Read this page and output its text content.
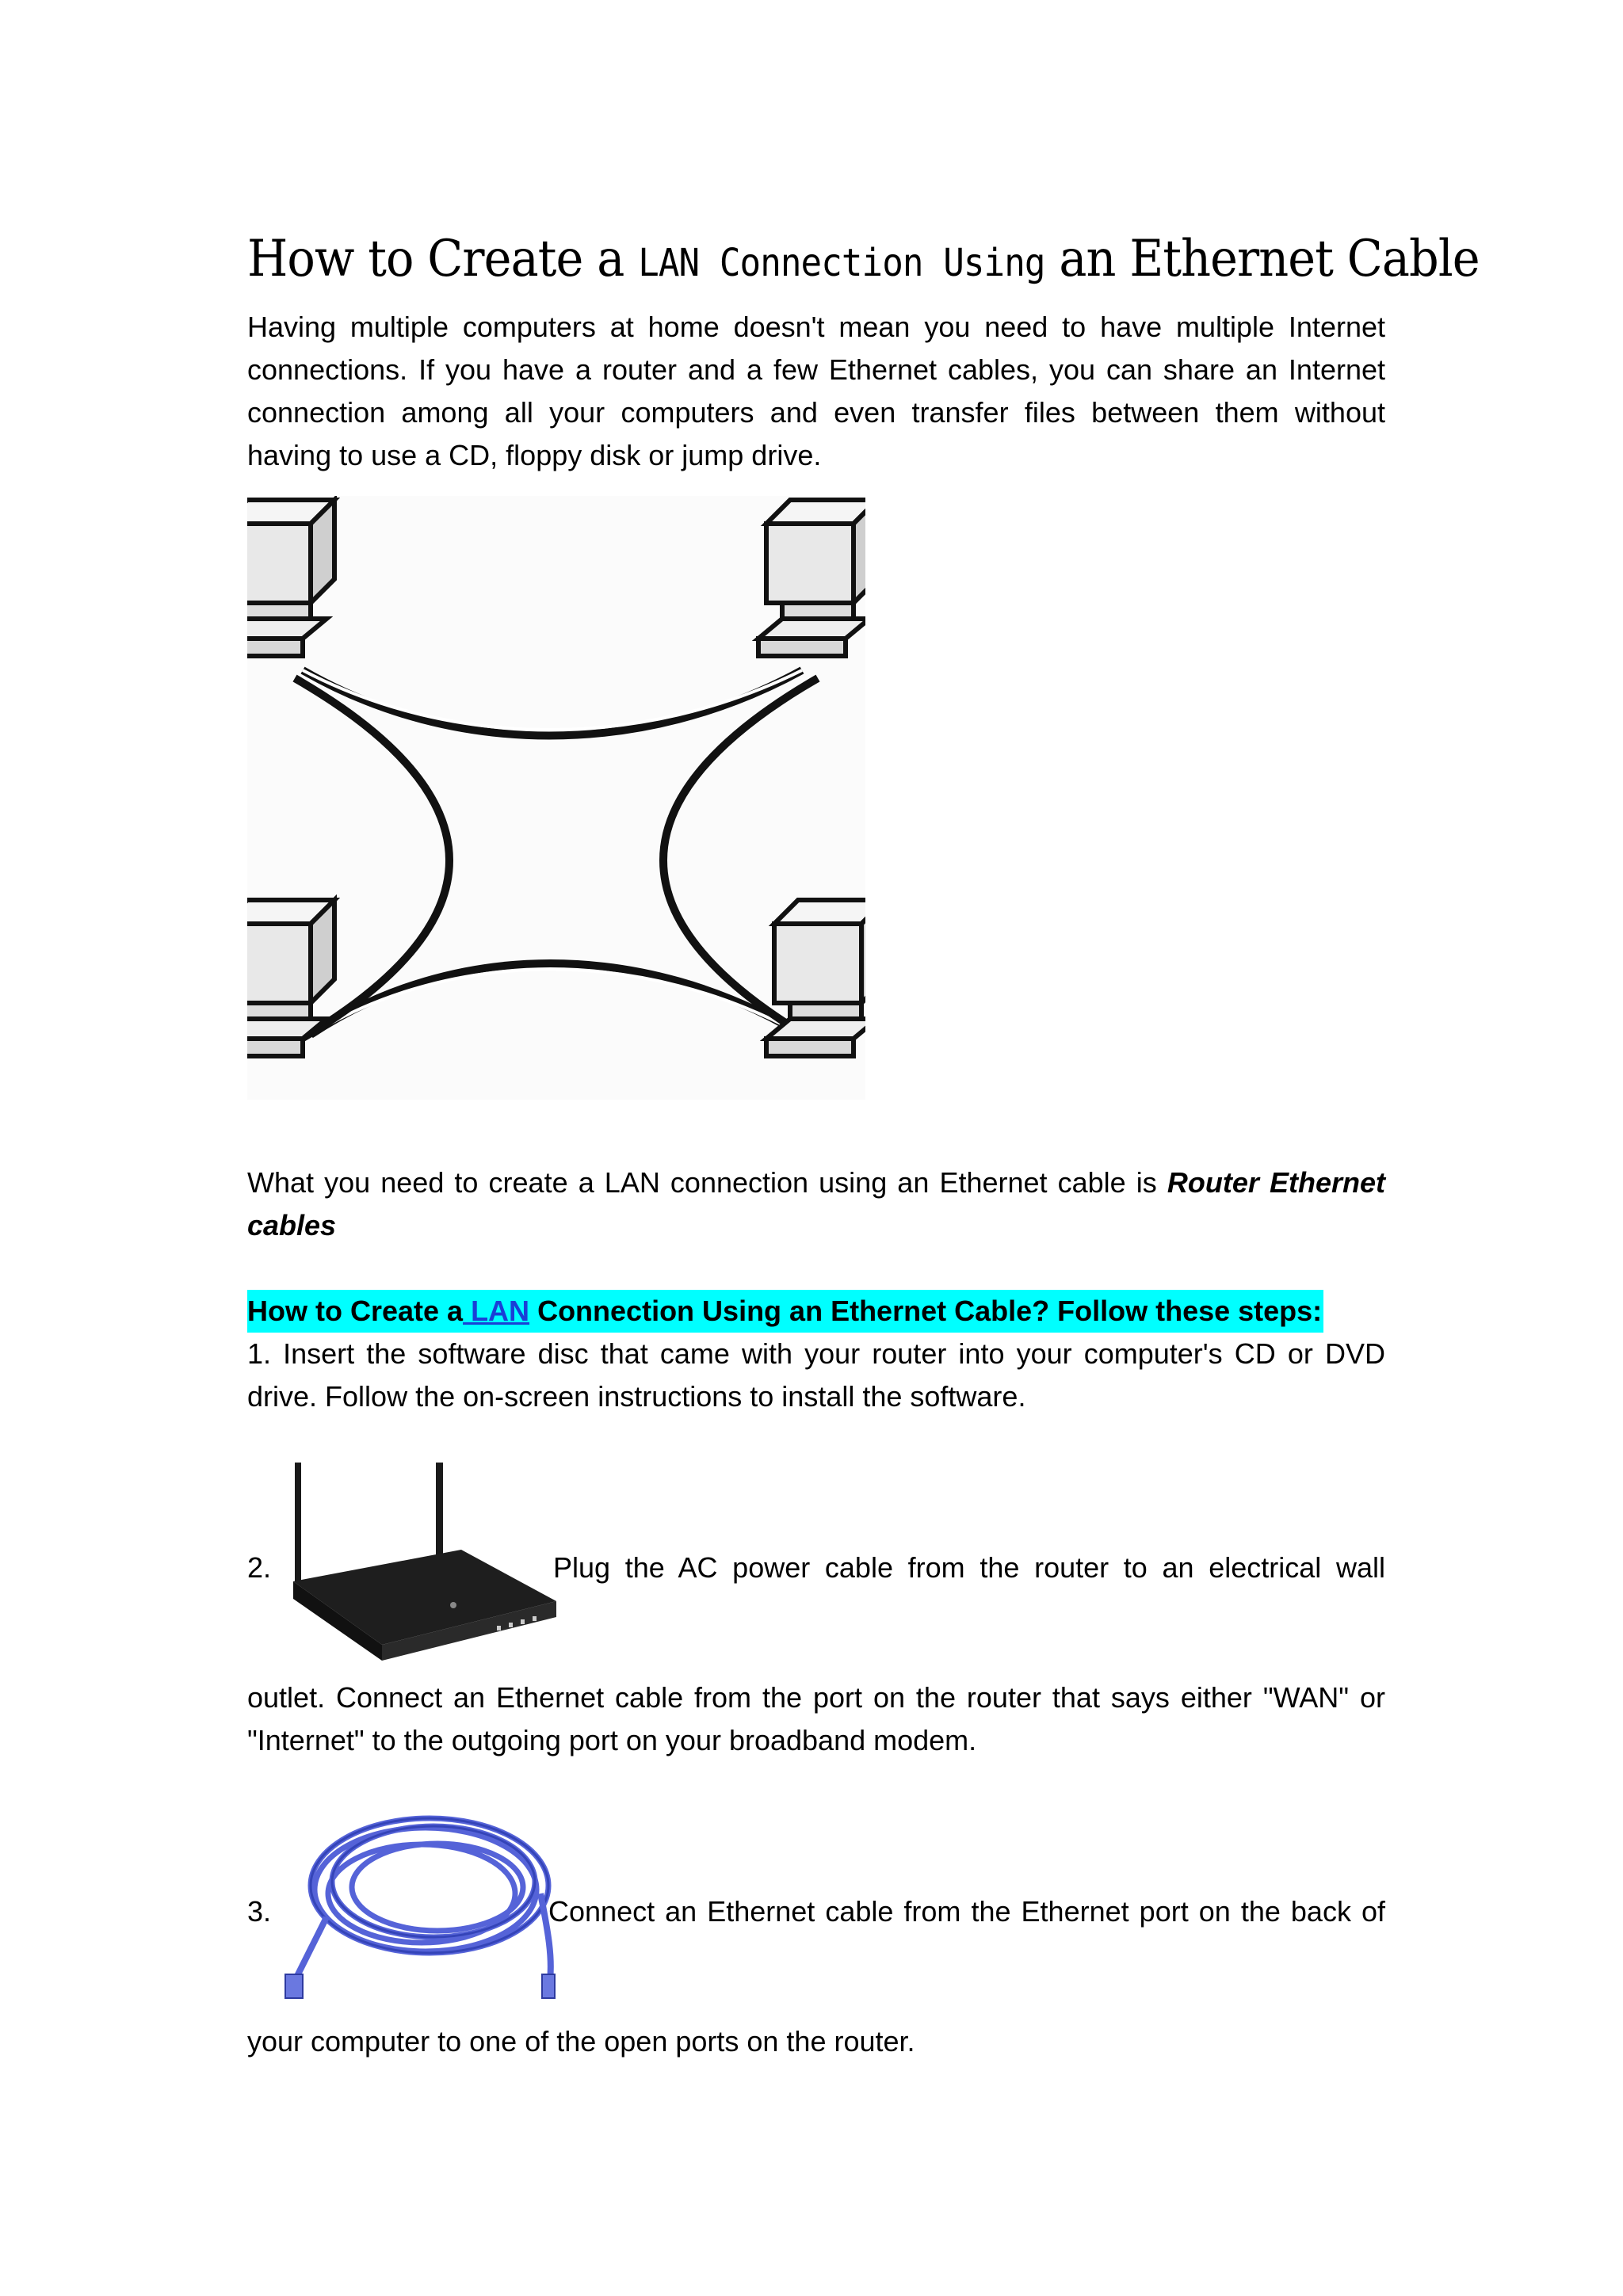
How to Create a LAN Connection Using an Ethernet Cable
Having multiple computers at home doesn't mean you need to have multiple Internet connections. If you have a router and a few Ethernet cables, you can share an Internet connection among all your computers and even transfer files between them without having to use a CD, floppy disk or jump drive.
What you need to create a LAN connection using an Ethernet cable is Router Ethernet cables
How to Create a LAN Connection Using an Ethernet Cable? Follow these steps:
1. Insert the software disc that came with your router into your computer's CD or DVD drive. Follow the on-screen instructions to install the software.
2.	Plug the AC power cable from the router to an electrical wall
outlet. Connect an Ethernet cable from the port on the router that says either "WAN" or "Internet" to the outgoing port on your broadband modem.
3.	Connect an Ethernet cable from the Ethernet port on the back of
your computer to one of the open ports on the router.
